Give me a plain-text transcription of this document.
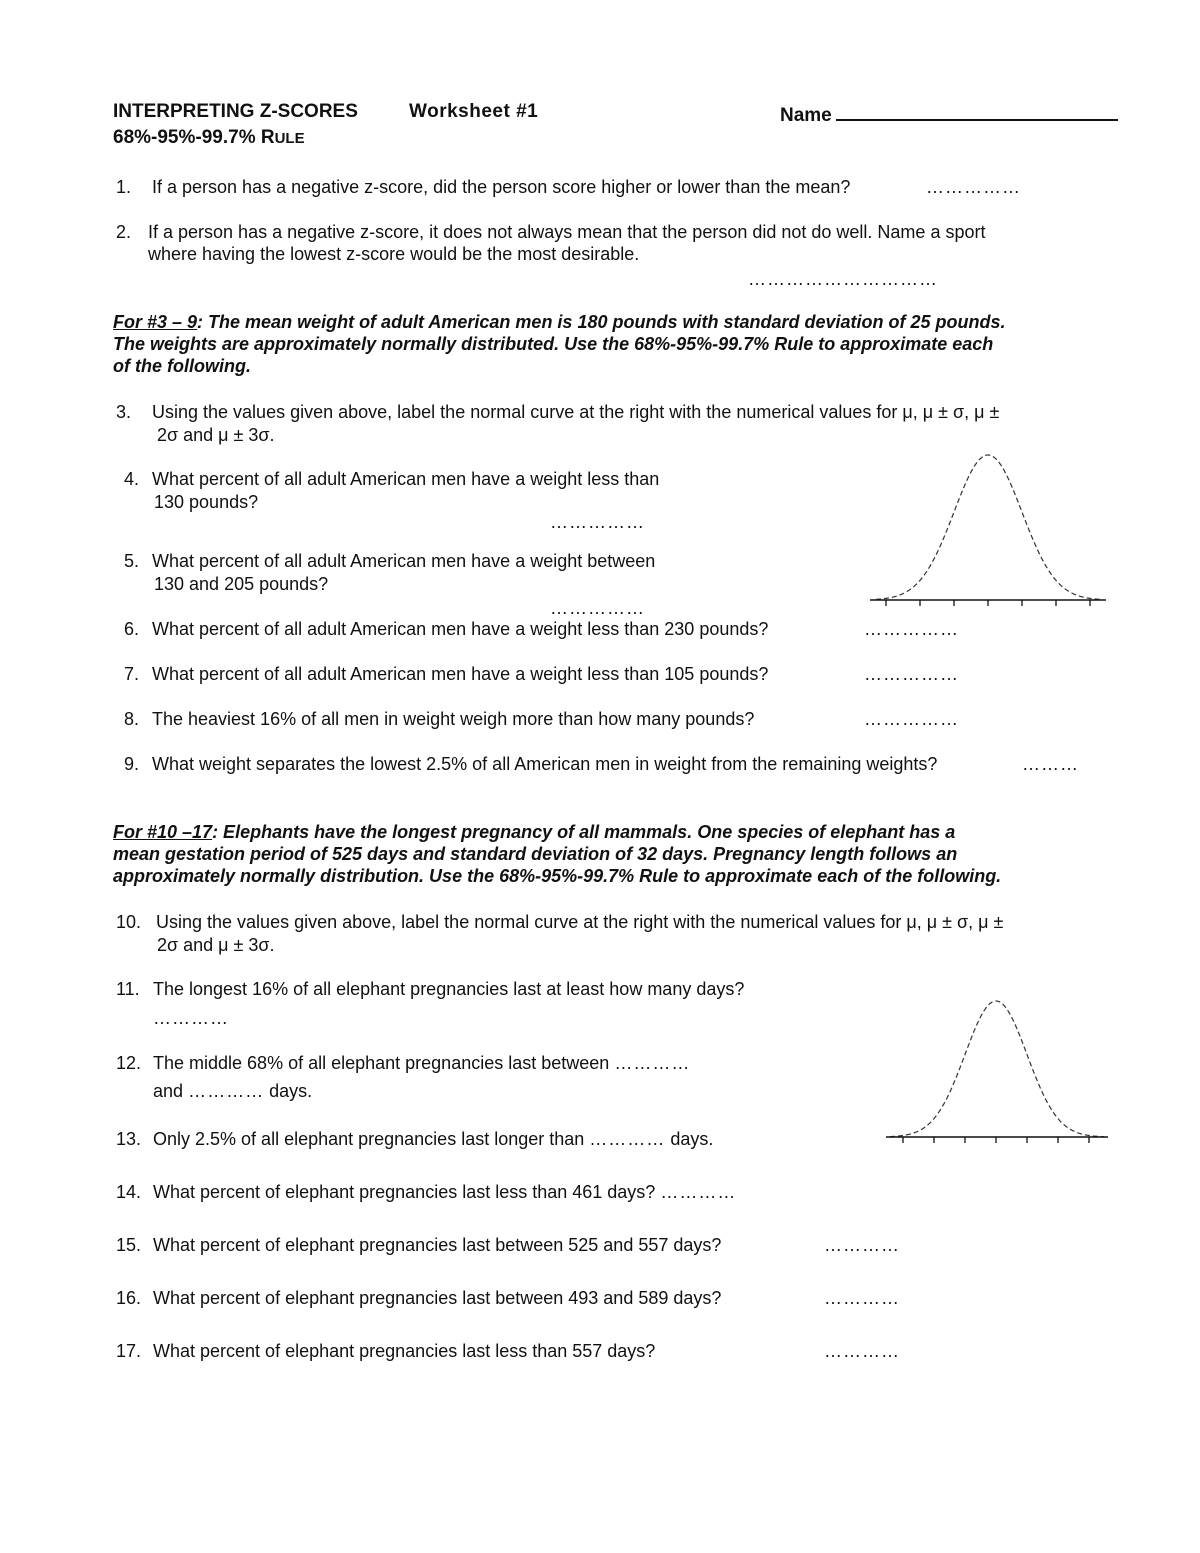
INTERPRETING Z-SCORES	Worksheet #1	Name
68%-95%-99.7% RULE
1. If a person has a negative z-score, did the person score higher or lower than the mean?	……………
2. If a person has a negative z-score, it does not always mean that the person did not do well. Name a sport
where having the lowest z-score would be the most desirable.
…………………………
For #3 – 9: The mean weight of adult American men is 180 pounds with standard deviation of 25 pounds.
The weights are approximately normally distributed. Use the 68%-95%-99.7% Rule to approximate each
of the following.
3. Using the values given above, label the normal curve at the right with the numerical values for μ, μ ± σ, μ ±
2σ and μ ± 3σ.
4. What percent of all adult American men have a weight less than
130 pounds?
……………
5. What percent of all adult American men have a weight between
130 and 205 pounds?
……………
6. What percent of all adult American men have a weight less than 230 pounds?	……………
7. What percent of all adult American men have a weight less than 105 pounds?	……………
8. The heaviest 16% of all men in weight weigh more than how many pounds?	……………
9. What weight separates the lowest 2.5% of all American men in weight from the remaining weights?	………
For #10 –17: Elephants have the longest pregnancy of all mammals. One species of elephant has a
mean gestation period of 525 days and standard deviation of 32 days. Pregnancy length follows an
approximately normally distribution. Use the 68%-95%-99.7% Rule to approximate each of the following.
10. Using the values given above, label the normal curve at the right with the numerical values for μ, μ ± σ, μ ±
2σ and μ ± 3σ.
11. The longest 16% of all elephant pregnancies last at least how many days?
…………
12. The middle 68% of all elephant pregnancies last between …………
and ………… days.
13. Only 2.5% of all elephant pregnancies last longer than ………… days.
14. What percent of elephant pregnancies last less than 461 days? …………
15. What percent of elephant pregnancies last between 525 and 557 days?	…………
16. What percent of elephant pregnancies last between 493 and 589 days?	…………
17. What percent of elephant pregnancies last less than 557 days?	…………
